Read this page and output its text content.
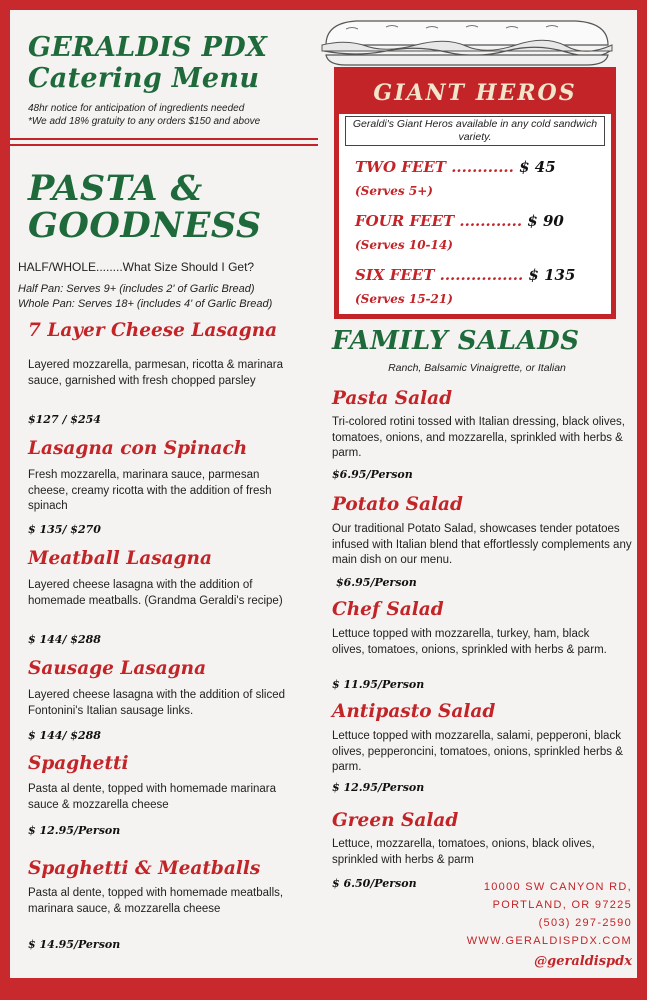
GERALDIS PDX
Catering Menu
48hr notice for anticipation of ingredients needed
*We add 18% gratuity to any orders $150 and above
PASTA &
GOODNESS
HALF/WHOLE........What Size Should I Get?
Half Pan: Serves 9+ (includes 2' of Garlic Bread)
Whole Pan: Serves 18+ (includes 4' of Garlic Bread)
7 Layer Cheese Lasagna
Layered mozzarella, parmesan, ricotta & marinara sauce, garnished with fresh chopped parsley
$127 / $254
Lasagna con Spinach
Fresh mozzarella, marinara sauce, parmesan cheese, creamy ricotta with the addition of fresh spinach
$ 135/ $270
Meatball Lasagna
Layered cheese lasagna with the addition of homemade meatballs. (Grandma Geraldi's recipe)
$ 144/ $288
Sausage Lasagna
Layered cheese lasagna with the addition of sliced Fontonini's Italian sausage links.
$ 144/ $288
Spaghetti
Pasta al dente, topped with homemade marinara sauce & mozzarella cheese
$ 12.95/Person
Spaghetti & Meatballs
Pasta al dente, topped with homemade meatballs, marinara sauce, & mozzarella cheese
$ 14.95/Person
GIANT HEROS
Geraldi's Giant Heros available in any cold sandwich variety.
TWO FEET ............ $ 45
(Serves 5+)
FOUR FEET ............ $ 90
(Serves 10-14)
SIX FEET ................ $ 135
(Serves 15-21)
FAMILY SALADS
Ranch, Balsamic Vinaigrette, or Italian
Pasta Salad
Tri-colored rotini tossed with Italian dressing, black olives, tomatoes, onions, and mozzarella, sprinkled with herbs & parm.
$6.95/Person
Potato Salad
Our traditional Potato Salad, showcases tender potatoes infused with Italian blend that effortlessly complements any main dish on our menu.
$6.95/Person
Chef Salad
Lettuce topped with mozzarella, turkey, ham, black olives, tomatoes, onions, sprinkled with herbs & parm.
$ 11.95/Person
Antipasto Salad
Lettuce topped with mozzarella, salami, pepperoni, black olives, pepperoncini, tomatoes, onions, sprinkled herbs & parm.
$ 12.95/Person
Green Salad
Lettuce, mozzarella, tomatoes, onions, black olives, sprinkled with herbs & parm
$ 6.50/Person	10000 SW CANYON RD,
PORTLAND, OR 97225
(503) 297-2590
WWW.GERALDISPDX.COM
@geraldispdx
